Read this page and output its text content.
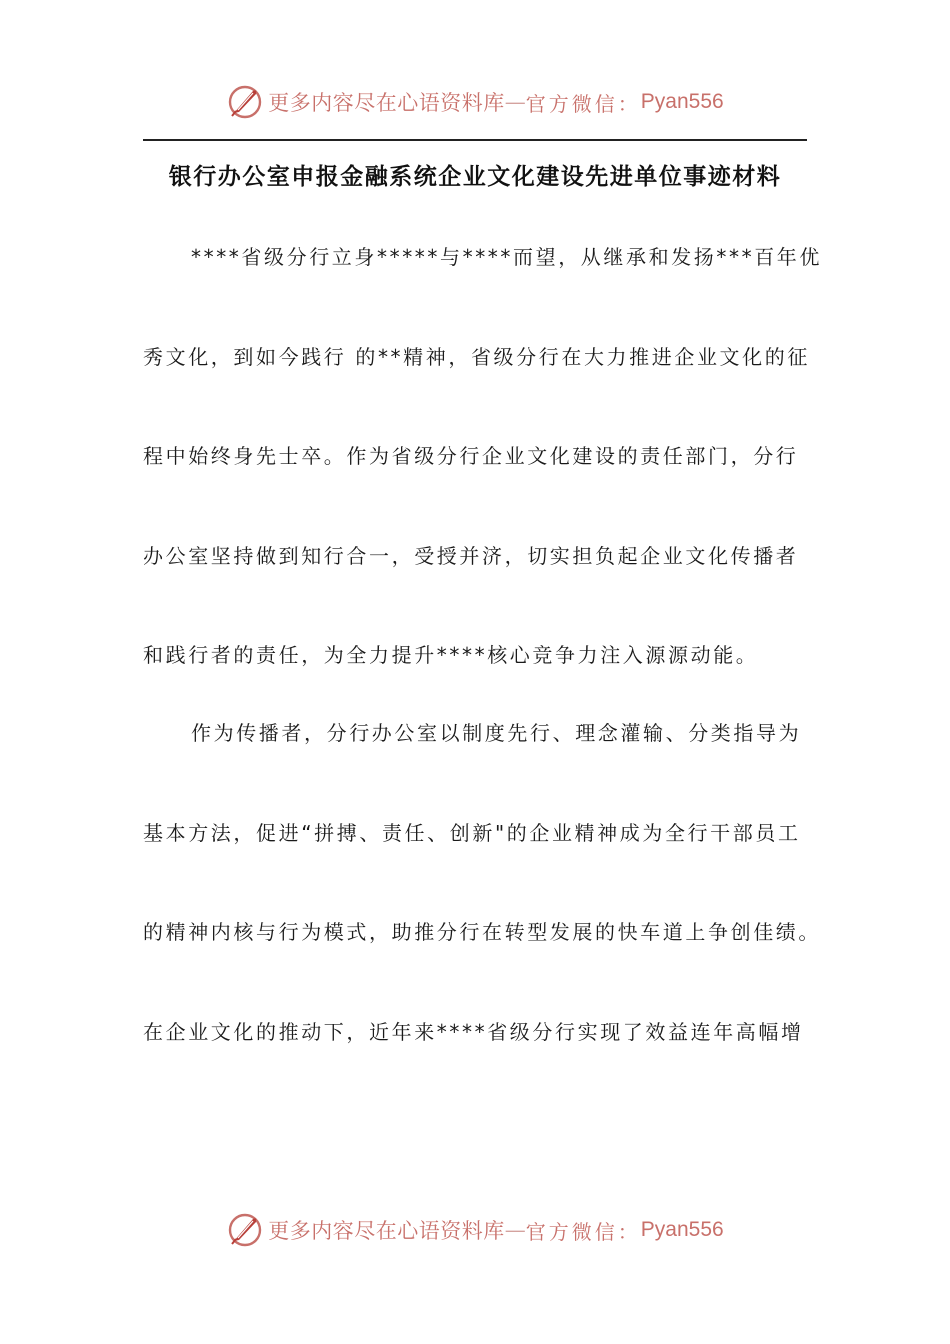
更多内容尽在心语资料库 — 官方微信： Pyan556
银行办公室申报金融系统企业文化建设先进单位事迹材料

****省级分行立身*****与****而望，从继承和发扬***百年优

秀文化，到如今践行 的**精神，省级分行在大力推进企业文化的征

程中始终身先士卒。作为省级分行企业文化建设的责任部门，分行

办公室坚持做到知行合一，受授并济，切实担负起企业文化传播者

和践行者的责任，为全力提升****核心竞争力注入源源动能。

作为传播者，分行办公室以制度先行、理念灌输、分类指导为

基本方法，促进“拼搏、责任、创新"的企业精神成为全行干部员工

的精神内核与行为模式，助推分行在转型发展的快车道上争创佳绩。

在企业文化的推动下，近年来****省级分行实现了效益连年高幅增

更多内容尽在心语资料库 — 官方微信： Pyan556
